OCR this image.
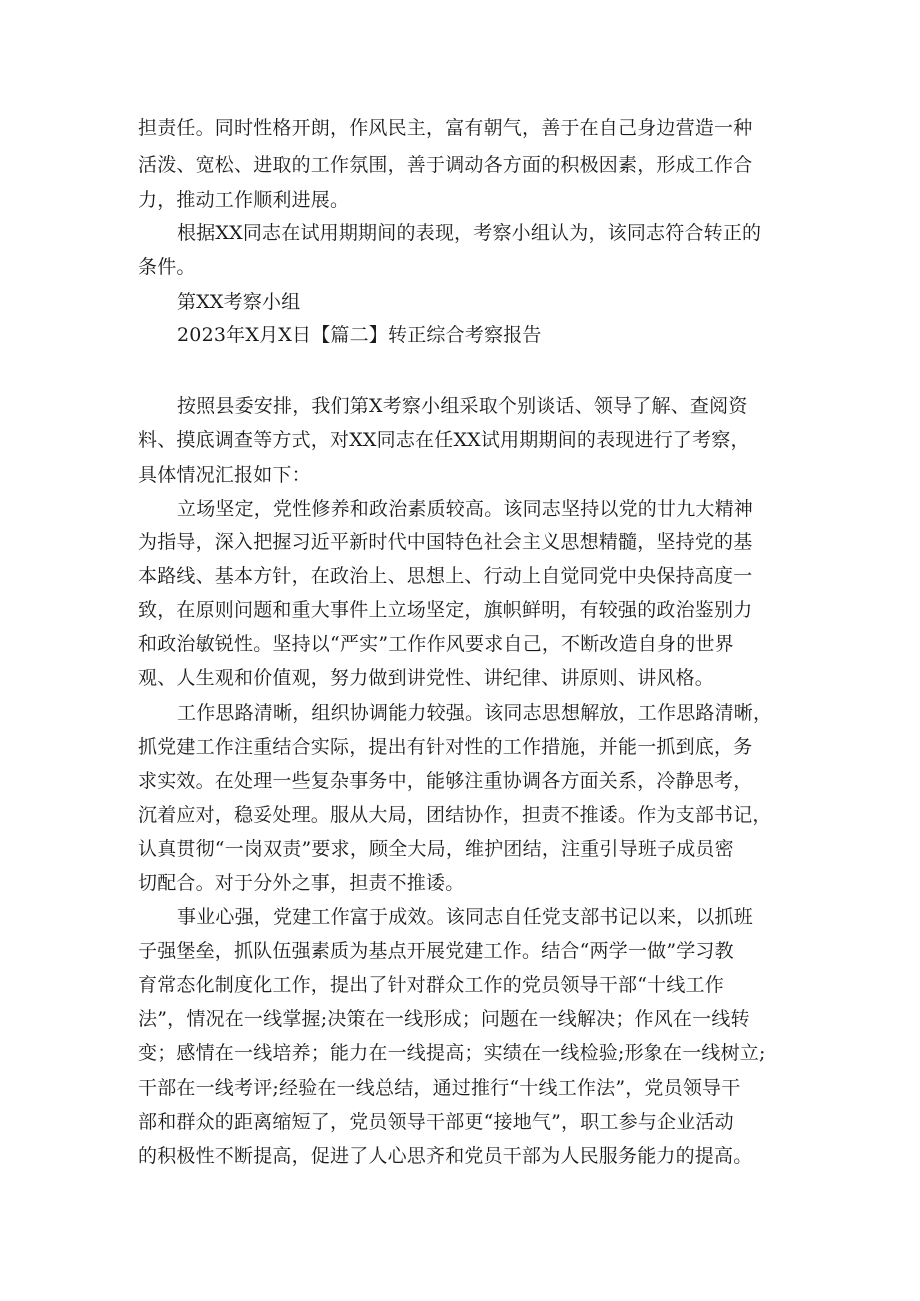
担责任。同时性格开朗，作风民主，富有朝气，善于在自己身边营造一种
活泼、宽松、进取的工作氛围，善于调动各方面的积极因素，形成工作合
力，推动工作顺利进展。
根据XX同志在试用期期间的表现，考察小组认为，该同志符合转正的
条件。
第XX考察小组
2023年X月X日【篇二】转正综合考察报告
按照县委安排，我们第X考察小组采取个别谈话、领导了解、查阅资
料、摸底调查等方式，对XX同志在任XX试用期期间的表现进行了考察，
具体情况汇报如下：
立场坚定，党性修养和政治素质较高。该同志坚持以党的廿九大精神
为指导，深入把握习近平新时代中国特色社会主义思想精髓，坚持党的基
本路线、基本方针，在政治上、思想上、行动上自觉同党中央保持高度一
致，在原则问题和重大事件上立场坚定，旗帜鲜明，有较强的政治鉴别力
和政治敏锐性。坚持以“严实”工作作风要求自己，不断改造自身的世界
观、人生观和价值观，努力做到讲党性、讲纪律、讲原则、讲风格。
工作思路清晰，组织协调能力较强。该同志思想解放，工作思路清晰，
抓党建工作注重结合实际，提出有针对性的工作措施，并能一抓到底，务
求实效。在处理一些复杂事务中，能够注重协调各方面关系，冷静思考，
沉着应对，稳妥处理。服从大局，团结协作，担责不推诿。作为支部书记，
认真贯彻“一岗双责”要求，顾全大局，维护团结，注重引导班子成员密
切配合。对于分外之事，担责不推诿。
事业心强，党建工作富于成效。该同志自任党支部书记以来，以抓班
子强堡垒，抓队伍强素质为基点开展党建工作。结合“两学一做”学习教
育常态化制度化工作，提出了针对群众工作的党员领导干部“十线工作
法”，情况在一线掌握;决策在一线形成；问题在一线解决；作风在一线转
变；感情在一线培养；能力在一线提高；实绩在一线检验;形象在一线树立;
干部在一线考评;经验在一线总结，通过推行“十线工作法”，党员领导干
部和群众的距离缩短了，党员领导干部更“接地气”，职工参与企业活动
的积极性不断提高，促进了人心思齐和党员干部为人民服务能力的提高。
